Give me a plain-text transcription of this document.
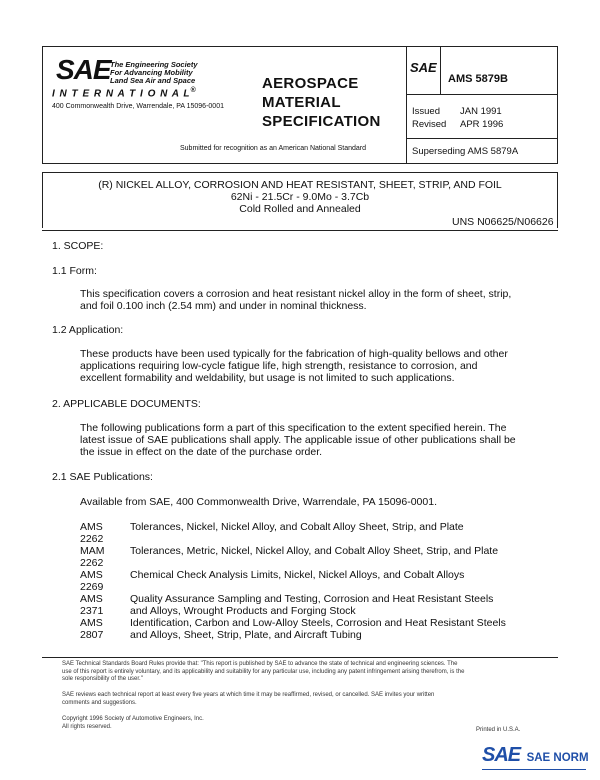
SAE The Engineering Society
For Advancing Mobility
Land Sea Air and Space
I N T E R N A T I O N A L®
400 Commonwealth Drive, Warrendale, PA 15096-0001
AEROSPACE
MATERIAL
SPECIFICATION
Submitted for recognition as an American National Standard
SAE
AMS 5879B
Issued JAN 1991
Revised APR 1996
Superseding AMS 5879A
(R) NICKEL ALLOY, CORROSION AND HEAT RESISTANT, SHEET, STRIP, AND FOIL
62Ni - 21.5Cr - 9.0Mo - 3.7Cb
Cold Rolled and Annealed
UNS N06625/N06626
1. SCOPE:
1.1 Form:
This specification covers a corrosion and heat resistant nickel alloy in the form of sheet, strip,
and foil 0.100 inch (2.54 mm) and under in nominal thickness.
1.2 Application:
These products have been used typically for the fabrication of high-quality bellows and other
applications requiring low-cycle fatigue life, high strength, resistance to corrosion, and
excellent formability and weldability, but usage is not limited to such applications.
2. APPLICABLE DOCUMENTS:
The following publications form a part of this specification to the extent specified herein. The
latest issue of SAE publications shall apply. The applicable issue of other publications shall be
the issue in effect on the date of the purchase order.
2.1 SAE Publications:
Available from SAE, 400 Commonwealth Drive, Warrendale, PA 15096-0001.
AMS 2262
Tolerances, Nickel, Nickel Alloy, and Cobalt Alloy Sheet, Strip, and Plate
MAM 2262
Tolerances, Metric, Nickel, Nickel Alloy, and Cobalt Alloy Sheet, Strip, and Plate
AMS 2269
Chemical Check Analysis Limits, Nickel, Nickel Alloys, and Cobalt Alloys
AMS 2371
Quality Assurance Sampling and Testing, Corrosion and Heat Resistant Steels
and Alloys, Wrought Products and Forging Stock
AMS 2807
Identification, Carbon and Low-Alloy Steels, Corrosion and Heat Resistant Steels
and Alloys, Sheet, Strip, Plate, and Aircraft Tubing
SAE Technical Standards Board Rules provide that: "This report is published by SAE to advance the state of technical and engineering sciences. The
use of this report is entirely voluntary, and its applicability and suitability for any particular use, including any patent infringement arising therefrom, is the
sole responsibility of the user."
SAE reviews each technical report at least every five years at which time it may be reaffirmed, revised, or cancelled. SAE invites your written
comments and suggestions.
Copyright 1996 Society of Automotive Engineers, Inc.
All rights reserved.
Printed in U.S.A.
SAE SAE NORM
